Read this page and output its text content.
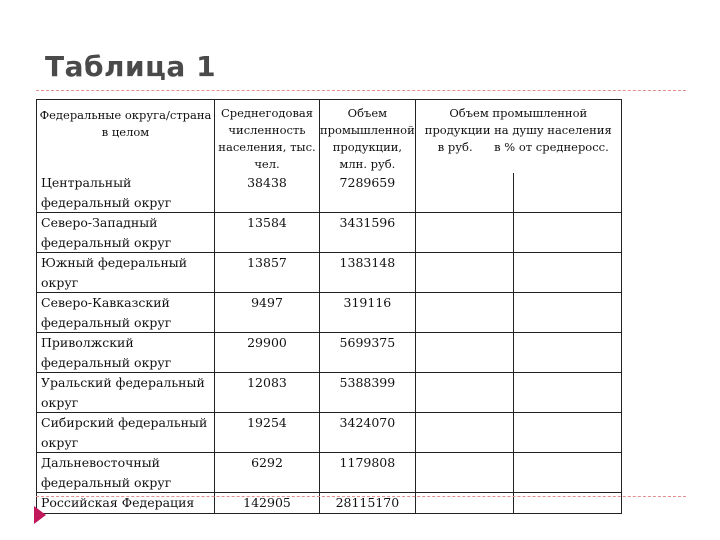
Таблица 1
Федеральные округа/страна в целом	Среднегодовая численность населения, тыс. чел.	Объем промышленной продукции, млн. руб.	Объем промышленной продукции на душу населения
в руб. в % от среднеросс.	

Центральный федеральный округ	38438	7289659		
Северо-Западный федеральный округ	13584	3431596		
Южный федеральный округ	13857	1383148		
Северо-Кавказский федеральный округ	9497	319116		
Приволжский федеральный округ	29900	5699375		
Уральский федеральный округ	12083	5388399		
Сибирский федеральный округ	19254	3424070		
Дальневосточный федеральный округ	6292	1179808		
Российская Федерация	142905	28115170		
